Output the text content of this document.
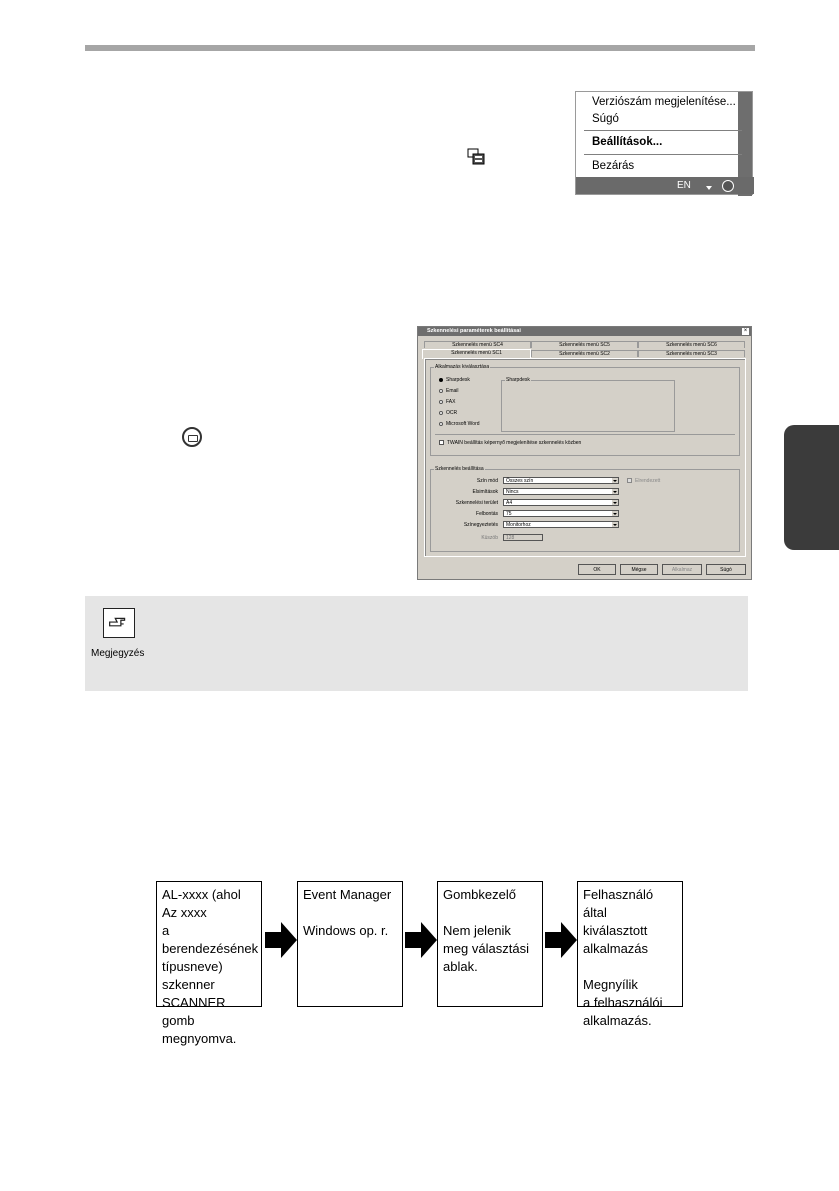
Verziószám megjelenítése...
Súgó
Beállítások...
Bezárás
EN
Szkennelési paraméterek beállításai	×
Szkennelés menü SC4	Szkennelés menü SC5	Szkennelés menü SC6
Szkennelés menü SC1	Szkennelés menü SC2	Szkennelés menü SC3
Alkalmazás kiválasztása
Sharpdesk
Email
FAX
OCR
Microsoft Word
Sharpdesk
TWAIN beállítás képernyő megjelenítése szkennelés közben
Szkennelés beállítása
Szín mód	Összes szín
Elsimítások	Nincs
Szkennelési terület	A4
Felbontás	75
Színegyeztetés	Monitorhoz
Küszöb	128
Elrendezett
OK	Mégse	Alkalmaz	Súgó
Megjegyzés
AL-xxxx (ahol
Az xxxx
a berendezésének
típusneve)
szkenner
SCANNER gomb
megnyomva.
Event Manager

Windows op. r.
Gombkezelő

Nem jelenik
meg választási
ablak.
Felhasználó által
kiválasztott
alkalmazás

Megnyílik
a felhasználói
alkalmazás.
